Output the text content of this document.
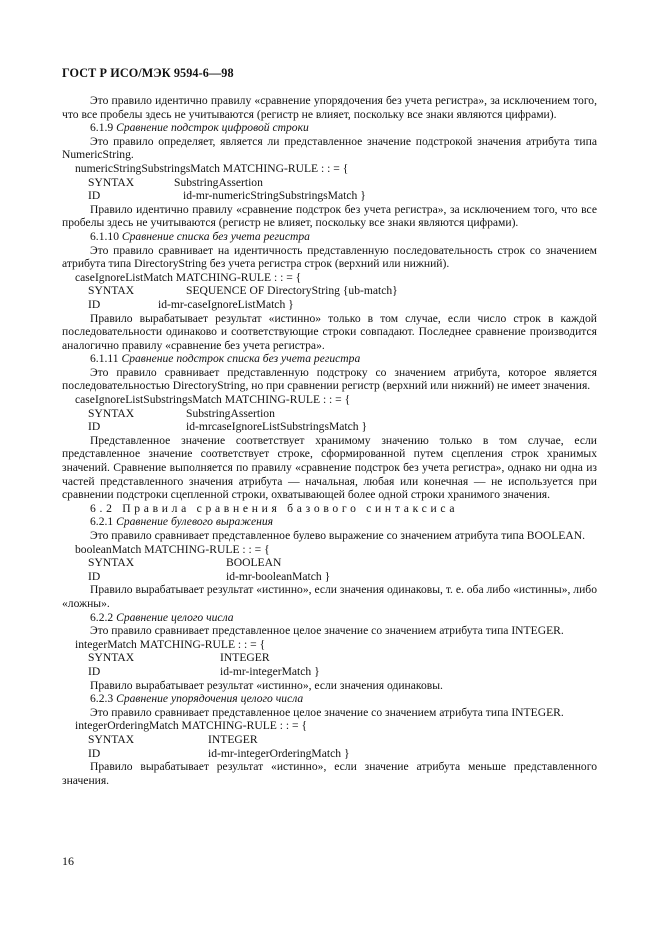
ГОСТ Р ИСО/МЭК 9594-6—98

Это правило идентично правилу «сравнение упорядочения без учета регистра», за исключением того, что все пробелы здесь не учитываются (регистр не влияет, поскольку все знаки являются цифрами).

6.1.9 Сравнение подстрок цифровой строки

Это правило определяет, является ли представленное значение подстрокой значения атрибута типа NumericString.

numericStringSubstringsMatch MATCHING-RULE : : = {
SYNTAX	SubstringAssertion
ID	id-mr-numericStringSubstringsMatch }

Правило идентично правилу «сравнение подстрок без учета регистра», за исключением того, что все пробелы здесь не учитываются (регистр не влияет, поскольку все знаки являются цифрами).

6.1.10 Сравнение списка без учета регистра

Это правило сравнивает на идентичность представленную последовательность строк со значением атрибута типа DirectoryString без учета регистра строк (верхний или нижний).

caseIgnoreListMatch MATCHING-RULE : : = {
SYNTAX	SEQUENCE OF DirectoryString {ub-match}
ID	id-mr-caseIgnoreListMatch }

Правило вырабатывает результат «истинно» только в том случае, если число строк в каждой последовательности одинаково и соответствующие строки совпадают. Последнее сравнение производится аналогично правилу «сравнение без учета регистра».

6.1.11 Сравнение подстрок списка без учета регистра

Это правило сравнивает представленную подстроку со значением атрибута, которое является последовательностью DirectoryString, но при сравнении регистр (верхний или нижний) не имеет значения.

caseIgnoreListSubstringsMatch MATCHING-RULE : : = {
SYNTAX	SubstringAssertion
ID	id-mrcaseIgnoreListSubstringsMatch }

Представленное значение соответствует хранимому значению только в том случае, если представленное значение соответствует строке, сформированной путем сцепления строк хранимых значений. Сравнение выполняется по правилу «сравнение подстрок без учета регистра», однако ни одна из частей представленного значения атрибута — начальная, любая или конечная — не используется при сравнении подстроки сцепленной строки, охватывающей более одной строки хранимого значения.

6.2 Правила сравнения базового синтаксиса

6.2.1 Сравнение булевого выражения

Это правило сравнивает представленное булево выражение со значением атрибута типа BOOLEAN.

booleanMatch MATCHING-RULE : : = {
SYNTAX	BOOLEAN
ID	id-mr-booleanMatch }

Правило вырабатывает результат «истинно», если значения одинаковы, т. е. оба либо «истинны», либо «ложны».

6.2.2 Сравнение целого числа

Это правило сравнивает представленное целое значение со значением атрибута типа INTEGER.

integerMatch MATCHING-RULE : : = {
SYNTAX	INTEGER
ID	id-mr-integerMatch }

Правило вырабатывает результат «истинно», если значения одинаковы.

6.2.3 Сравнение упорядочения целого числа

Это правило сравнивает представленное целое значение со значением атрибута типа INTEGER.

integerOrderingMatch MATCHING-RULE : : = {
SYNTAX	INTEGER
ID	id-mr-integerOrderingMatch }

Правило вырабатывает результат «истинно», если значение атрибута меньше представленного значения.

16
